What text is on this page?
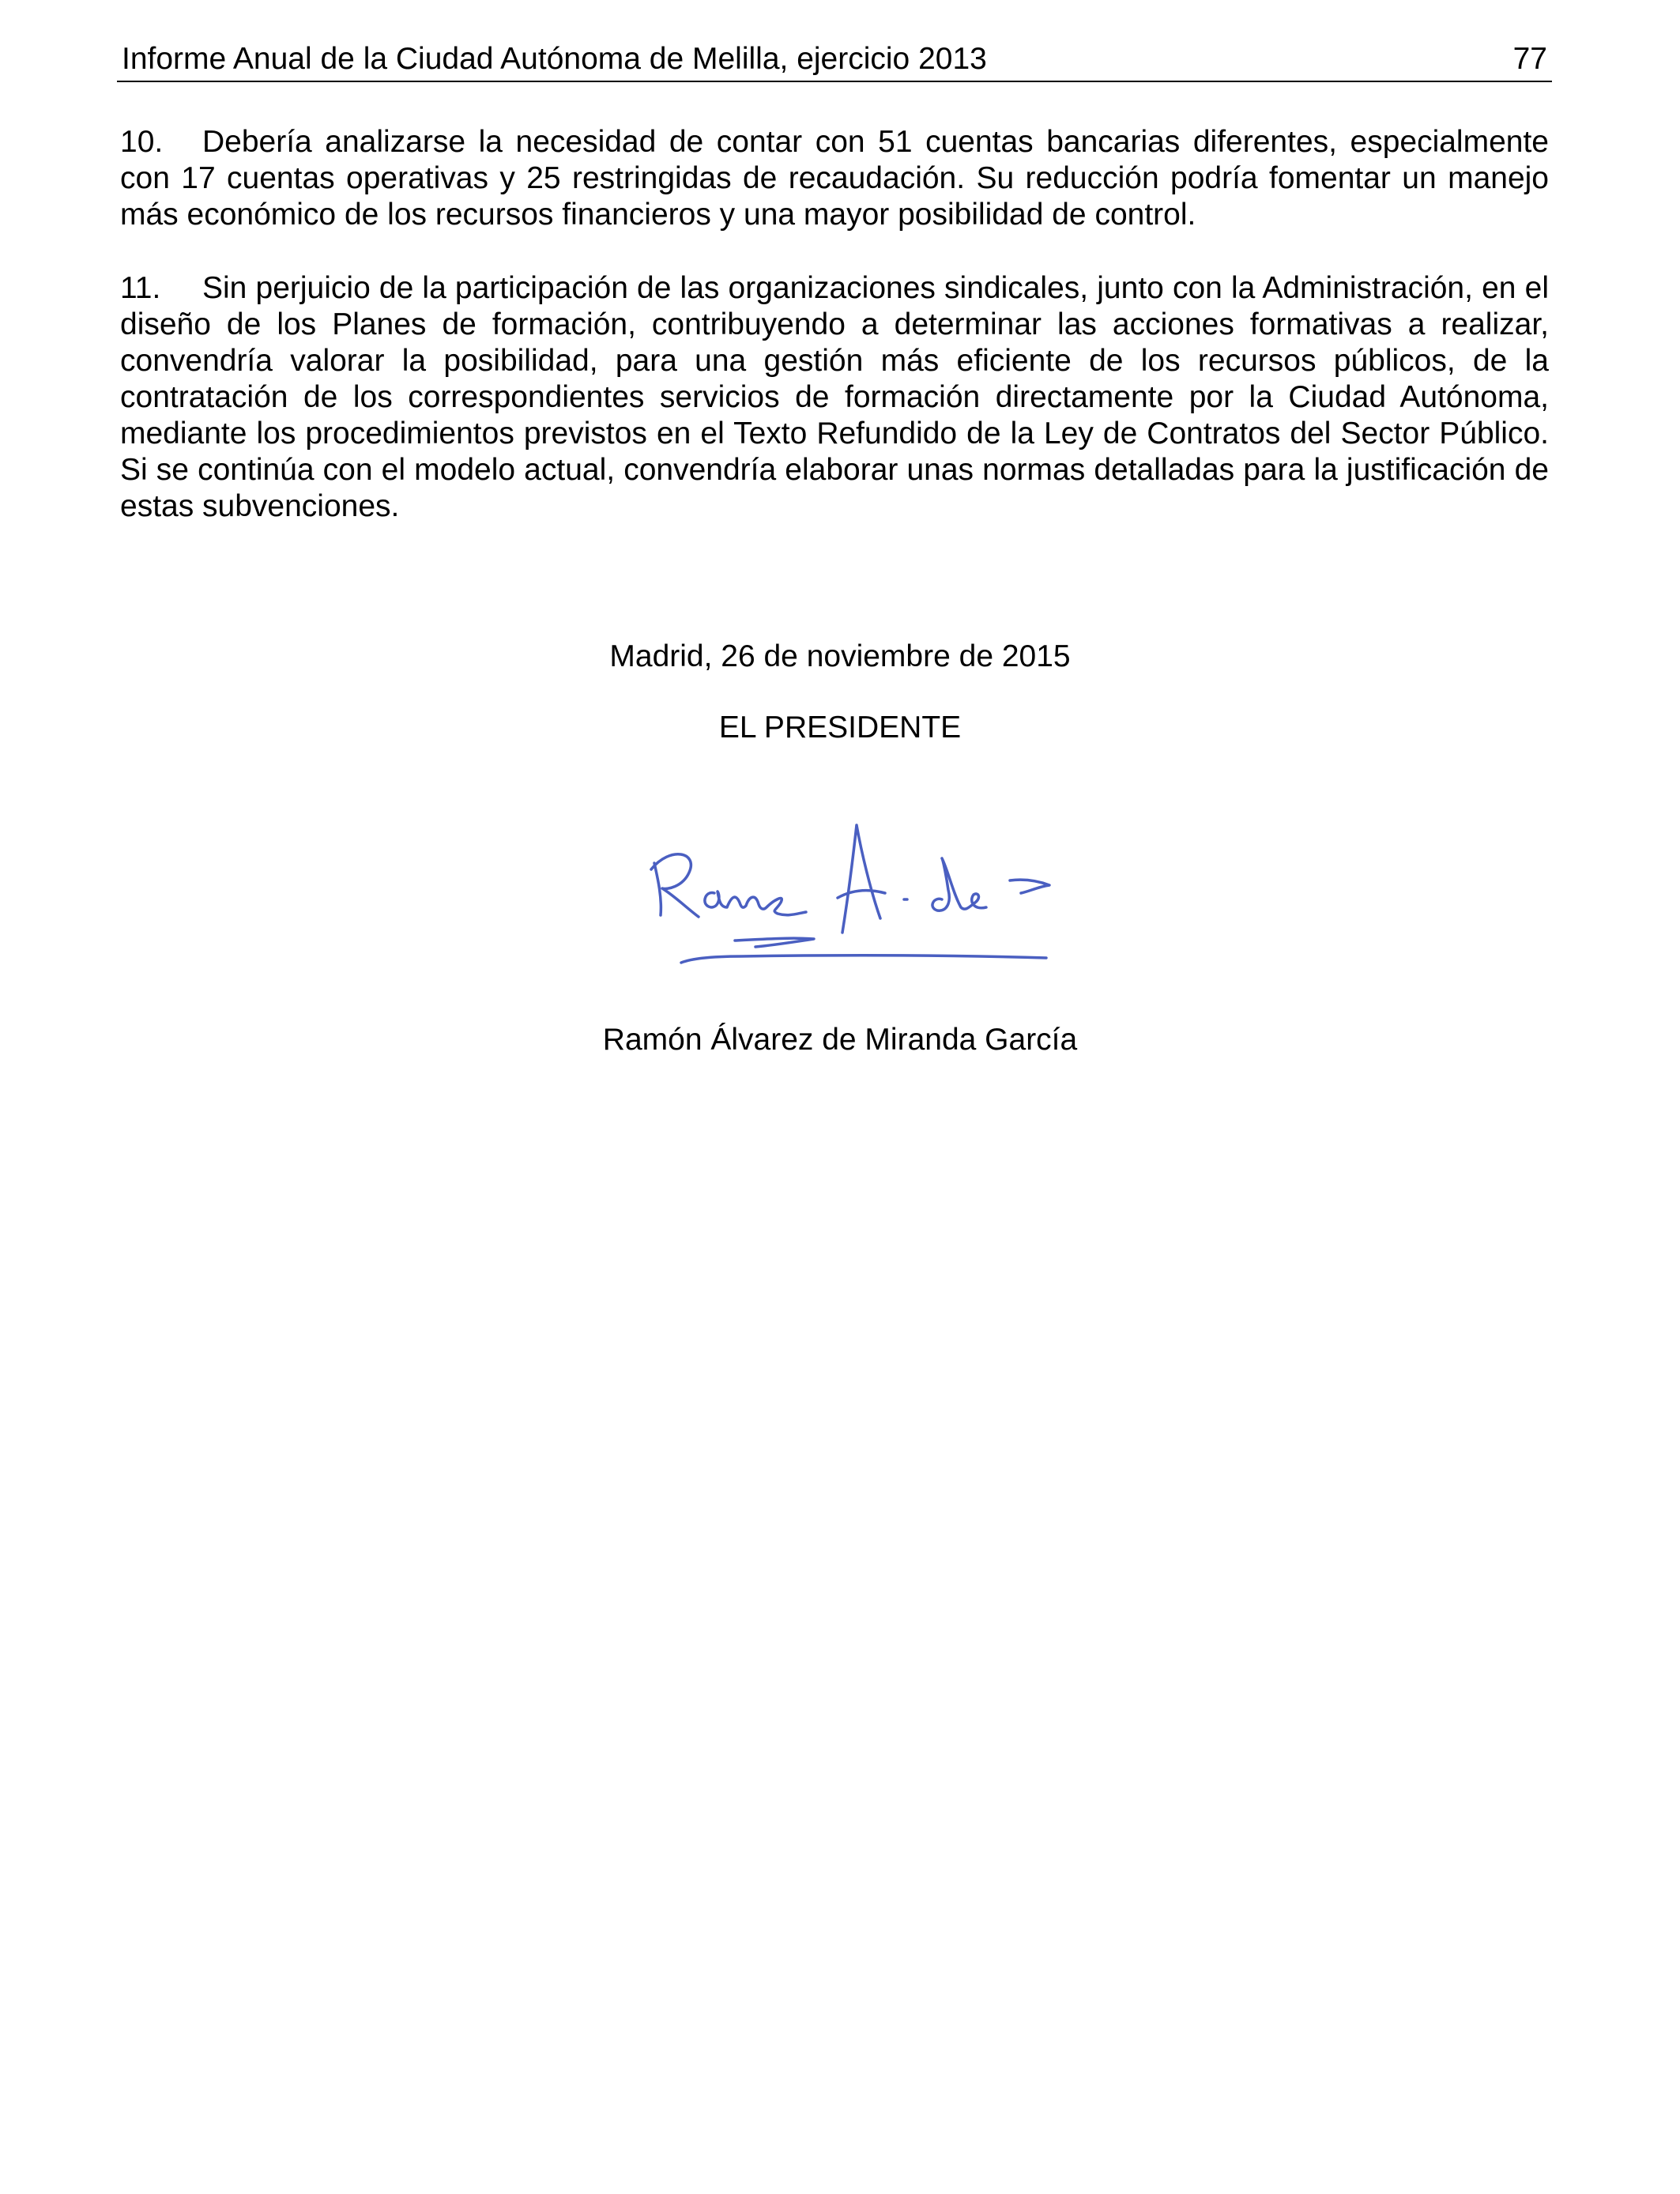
Informe Anual de la Ciudad Autónoma de Melilla, ejercicio 2013	77

10. Debería analizarse la necesidad de contar con 51 cuentas bancarias diferentes, especialmente con 17 cuentas operativas y 25 restringidas de recaudación. Su reducción podría fomentar un manejo más económico de los recursos financieros y una mayor posibilidad de control.

11. Sin perjuicio de la participación de las organizaciones sindicales, junto con la Administración, en el diseño de los Planes de formación, contribuyendo a determinar las acciones formativas a realizar, convendría valorar la posibilidad, para una gestión más eficiente de los recursos públicos, de la contratación de los correspondientes servicios de formación directamente por la Ciudad Autónoma, mediante los procedimientos previstos en el Texto Refundido de la Ley de Contratos del Sector Público. Si se continúa con el modelo actual, convendría elaborar unas normas detalladas para la justificación de estas subvenciones.

Madrid, 26 de noviembre de 2015
EL PRESIDENTE
Ramón Álvarez de Miranda García
